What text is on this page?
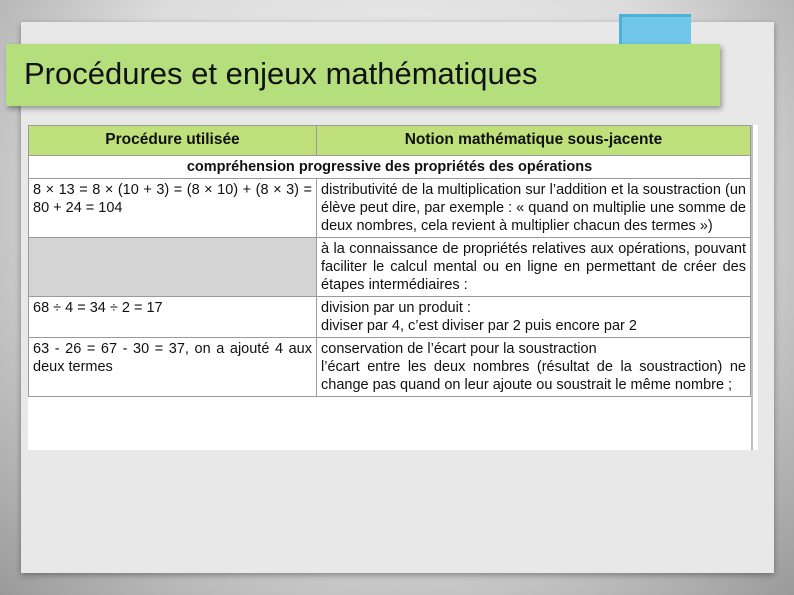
Procédures et enjeux mathématiques
Procédure utilisée	Notion mathématique sous-jacente
compréhension progressive des propriétés des opérations	
8 × 13 = 8 × (10 + 3) = (8 × 10) + (8 × 3) = 80 + 24 = 104	distributivité de la multiplication sur l’addition et la soustraction (un élève peut dire, par exemple : « quand on multiplie une somme de deux nombres, cela revient à multiplier chacun des termes »)

	à la connaissance de propriétés relatives aux opérations, pouvant faciliter le calcul mental ou en ligne en permettant de créer des étapes intermédiaires :

68 ÷ 4 = 34 ÷ 2 = 17	division par un produit :
diviser par 4, c’est diviser par 2 puis encore par 2

63 - 26 = 67 - 30 = 37, on a ajouté 4 aux deux termes	conservation de l’écart pour la soustraction
l’écart entre les deux nombres (résultat de la soustraction) ne change pas quand on leur ajoute ou soustrait le même nombre ;
